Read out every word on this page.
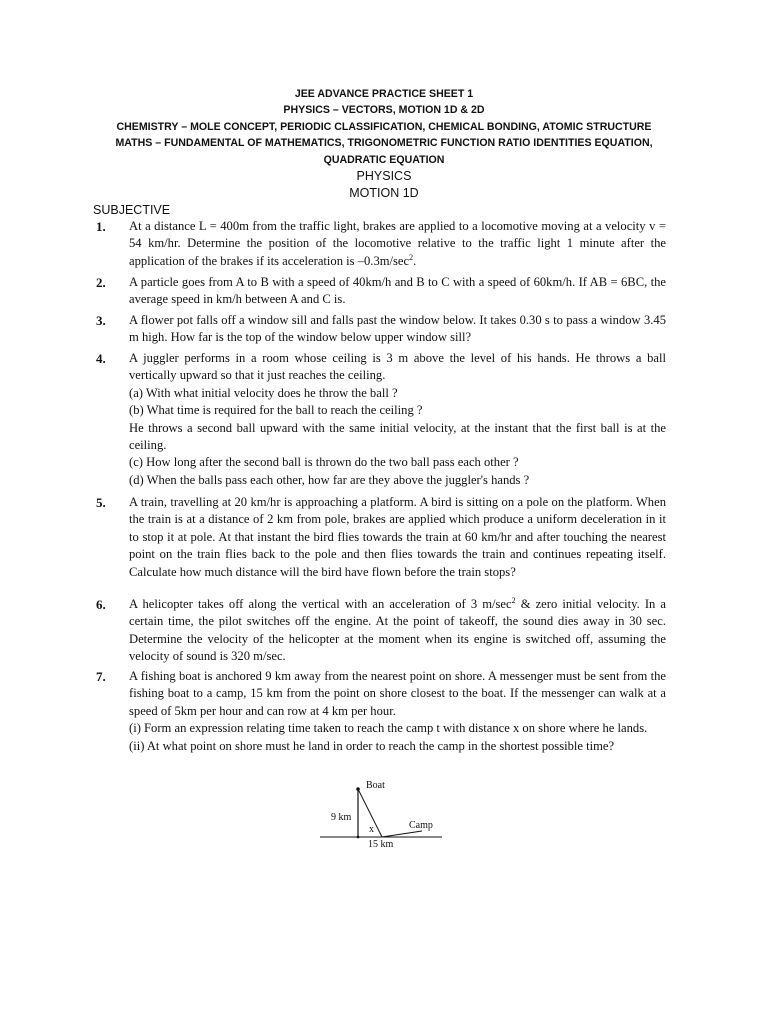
JEE ADVANCE PRACTICE SHEET 1

PHYSICS – VECTORS, MOTION 1D & 2D

CHEMISTRY – MOLE CONCEPT, PERIODIC CLASSIFICATION, CHEMICAL BONDING, ATOMIC STRUCTURE

MATHS – FUNDAMENTAL OF MATHEMATICS, TRIGONOMETRIC FUNCTION RATIO IDENTITIES EQUATION,

QUADRATIC EQUATION

PHYSICS

MOTION 1D

SUBJECTIVE
1. At a distance L = 400m from the traffic light, brakes are applied to a locomotive moving at a velocity v = 54 km/hr. Determine the position of the locomotive relative to the traffic light 1 minute after the application of the brakes if its acceleration is $-0.3m/\sec^2$.
2. A particle goes from A to B with a speed of 40km/h and B to C with a speed of 60km/h. If AB = 6BC, the average speed in km/h between A and C is.
3. A flower pot falls off a window sill and falls past the window below. It takes 0.30 s to pass a window 3.45 m high. How far is the top of the window below upper window sill?
4. A juggler performs in a room whose ceiling is 3 m above the level of his hands. He throws a ball vertically upward so that it just reaches the ceiling.
(a) With what initial velocity does he throw the ball ?
(b) What time is required for the ball to reach the ceiling ?
He throws a second ball upward with the same initial velocity, at the instant that the first ball is at the ceiling.
(c) How long after the second ball is thrown do the two ball pass each other ?
(d) When the balls pass each other, how far are they above the juggler's hands ?
5. A train, travelling at 20 km/hr is approaching a platform. A bird is sitting on a pole on the platform. When the train is at a distance of 2 km from pole, brakes are applied which produce a uniform deceleration in it to stop it at pole. At that instant the bird flies towards the train at 60 km/hr and after touching the nearest point on the train flies back to the pole and then flies towards the train and continues repeating itself. Calculate how much distance will the bird have flown before the train stops?
6. A helicopter takes off along the vertical with an acceleration of 3 $m/\sec^2$ & zero initial velocity. In a certain time, the pilot switches off the engine. At the point of takeoff, the sound dies away in 30 sec. Determine the velocity of the helicopter at the moment when its engine is switched off, assuming the velocity of sound is 320 m/sec.
7. A fishing boat is anchored 9 km away from the nearest point on shore. A messenger must be sent from the fishing boat to a camp, 15 km from the point on shore closest to the boat. If the messenger can walk at a speed of 5km per hour and can row at 4 km per hour.
(i) Form an expression relating time taken to reach the camp t with distance x on shore where he lands.
(ii) At what point on shore must he land in order to reach the camp in the shortest possible time?
Boat
9 km
x	Camp
15 km
